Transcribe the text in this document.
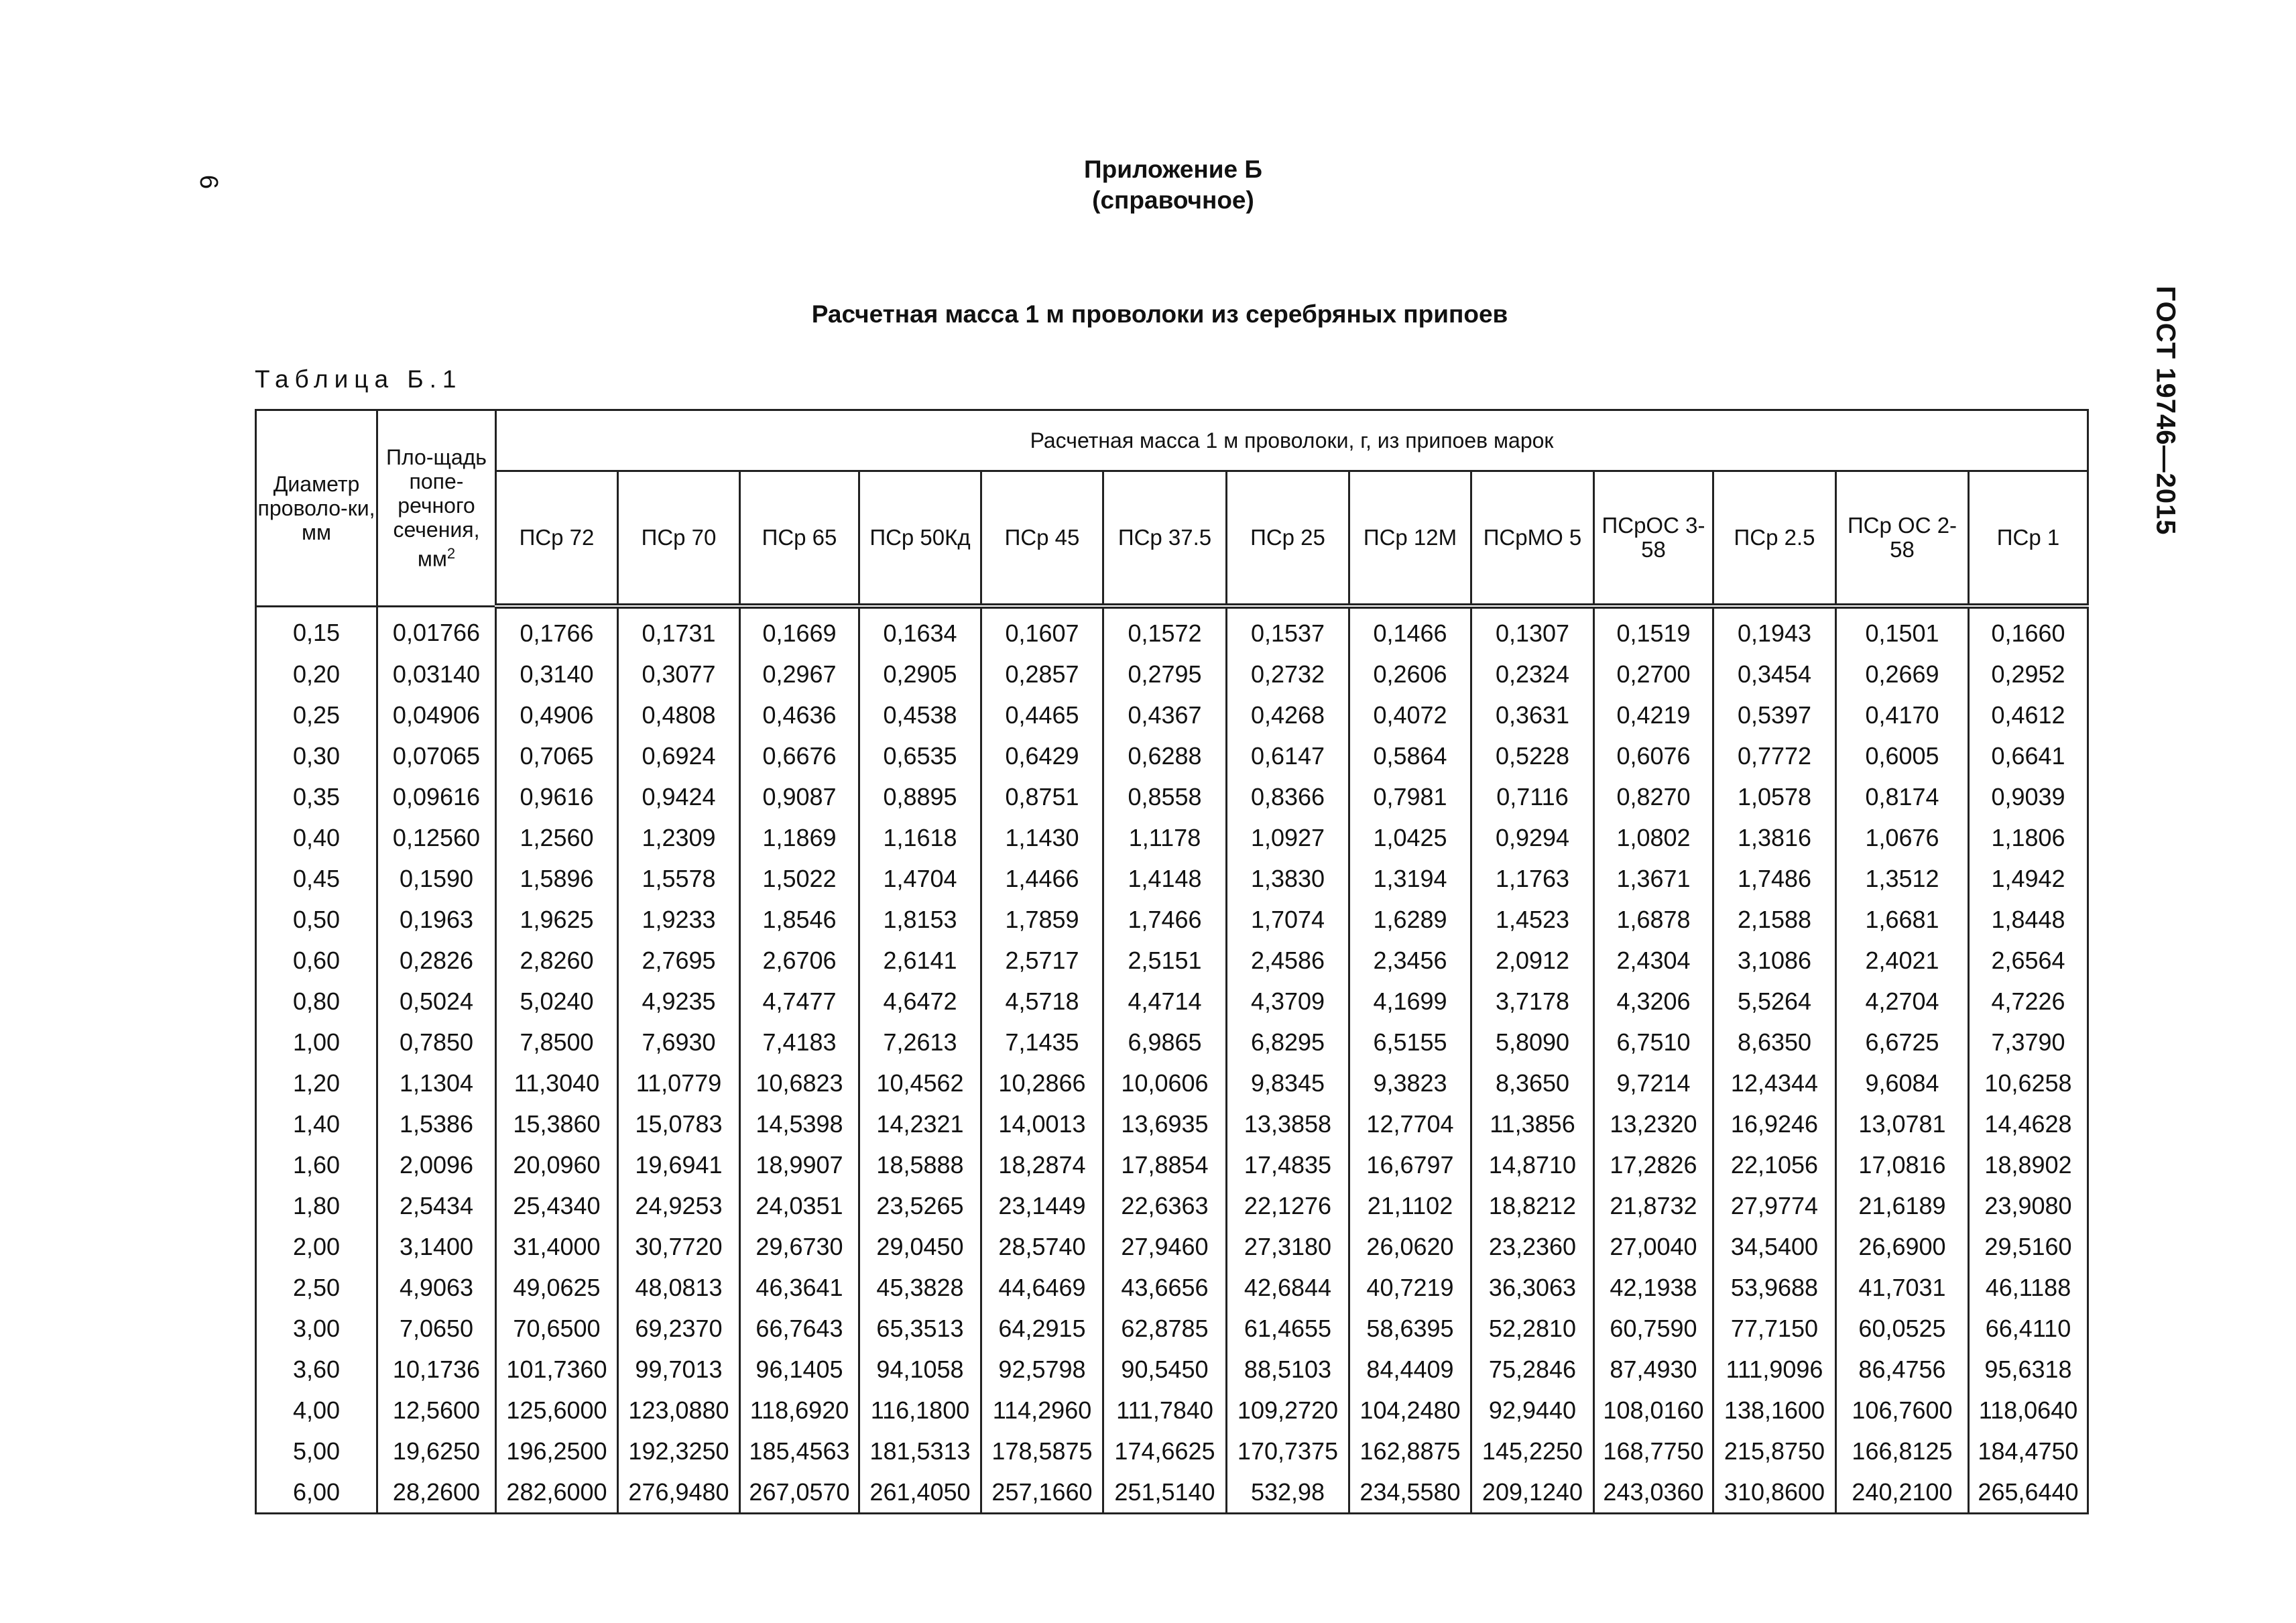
6
ГОСТ 19746—2015
Приложение Б
(справочное)
Расчетная масса 1 м проволоки из серебряных припоев
Таблица Б.1
Диаметр проволо-ки, мм	Пло-щадь попе-речного сечения, $мм^2$	Расчетная масса 1 м проволоки, г, из припоев марок												
		ПСр 72	ПСр 70	ПСр 65	ПСр 50Кд	ПСр 45	ПСр 37.5	ПСр 25	ПСр 12М	ПСрМО 5	ПСрОС 3-58	ПСр 2.5	ПСр ОС 2-58	ПСр 1
0,15	0,01766	0,1766	0,1731	0,1669	0,1634	0,1607	0,1572	0,1537	0,1466	0,1307	0,1519	0,1943	0,1501	0,1660
0,20	0,03140	0,3140	0,3077	0,2967	0,2905	0,2857	0,2795	0,2732	0,2606	0,2324	0,2700	0,3454	0,2669	0,2952
0,25	0,04906	0,4906	0,4808	0,4636	0,4538	0,4465	0,4367	0,4268	0,4072	0,3631	0,4219	0,5397	0,4170	0,4612
0,30	0,07065	0,7065	0,6924	0,6676	0,6535	0,6429	0,6288	0,6147	0,5864	0,5228	0,6076	0,7772	0,6005	0,6641
0,35	0,09616	0,9616	0,9424	0,9087	0,8895	0,8751	0,8558	0,8366	0,7981	0,7116	0,8270	1,0578	0,8174	0,9039
0,40	0,12560	1,2560	1,2309	1,1869	1,1618	1,1430	1,1178	1,0927	1,0425	0,9294	1,0802	1,3816	1,0676	1,1806
0,45	0,1590	1,5896	1,5578	1,5022	1,4704	1,4466	1,4148	1,3830	1,3194	1,1763	1,3671	1,7486	1,3512	1,4942
0,50	0,1963	1,9625	1,9233	1,8546	1,8153	1,7859	1,7466	1,7074	1,6289	1,4523	1,6878	2,1588	1,6681	1,8448
0,60	0,2826	2,8260	2,7695	2,6706	2,6141	2,5717	2,5151	2,4586	2,3456	2,0912	2,4304	3,1086	2,4021	2,6564
0,80	0,5024	5,0240	4,9235	4,7477	4,6472	4,5718	4,4714	4,3709	4,1699	3,7178	4,3206	5,5264	4,2704	4,7226
1,00	0,7850	7,8500	7,6930	7,4183	7,2613	7,1435	6,9865	6,8295	6,5155	5,8090	6,7510	8,6350	6,6725	7,3790
1,20	1,1304	11,3040	11,0779	10,6823	10,4562	10,2866	10,0606	9,8345	9,3823	8,3650	9,7214	12,4344	9,6084	10,6258
1,40	1,5386	15,3860	15,0783	14,5398	14,2321	14,0013	13,6935	13,3858	12,7704	11,3856	13,2320	16,9246	13,0781	14,4628
1,60	2,0096	20,0960	19,6941	18,9907	18,5888	18,2874	17,8854	17,4835	16,6797	14,8710	17,2826	22,1056	17,0816	18,8902
1,80	2,5434	25,4340	24,9253	24,0351	23,5265	23,1449	22,6363	22,1276	21,1102	18,8212	21,8732	27,9774	21,6189	23,9080
2,00	3,1400	31,4000	30,7720	29,6730	29,0450	28,5740	27,9460	27,3180	26,0620	23,2360	27,0040	34,5400	26,6900	29,5160
2,50	4,9063	49,0625	48,0813	46,3641	45,3828	44,6469	43,6656	42,6844	40,7219	36,3063	42,1938	53,9688	41,7031	46,1188
3,00	7,0650	70,6500	69,2370	66,7643	65,3513	64,2915	62,8785	61,4655	58,6395	52,2810	60,7590	77,7150	60,0525	66,4110
3,60	10,1736	101,7360	99,7013	96,1405	94,1058	92,5798	90,5450	88,5103	84,4409	75,2846	87,4930	111,9096	86,4756	95,6318
4,00	12,5600	125,6000	123,0880	118,6920	116,1800	114,2960	111,7840	109,2720	104,2480	92,9440	108,0160	138,1600	106,7600	118,0640
5,00	19,6250	196,2500	192,3250	185,4563	181,5313	178,5875	174,6625	170,7375	162,8875	145,2250	168,7750	215,8750	166,8125	184,4750
6,00	28,2600	282,6000	276,9480	267,0570	261,4050	257,1660	251,5140	532,98	234,5580	209,1240	243,0360	310,8600	240,2100	265,6440
